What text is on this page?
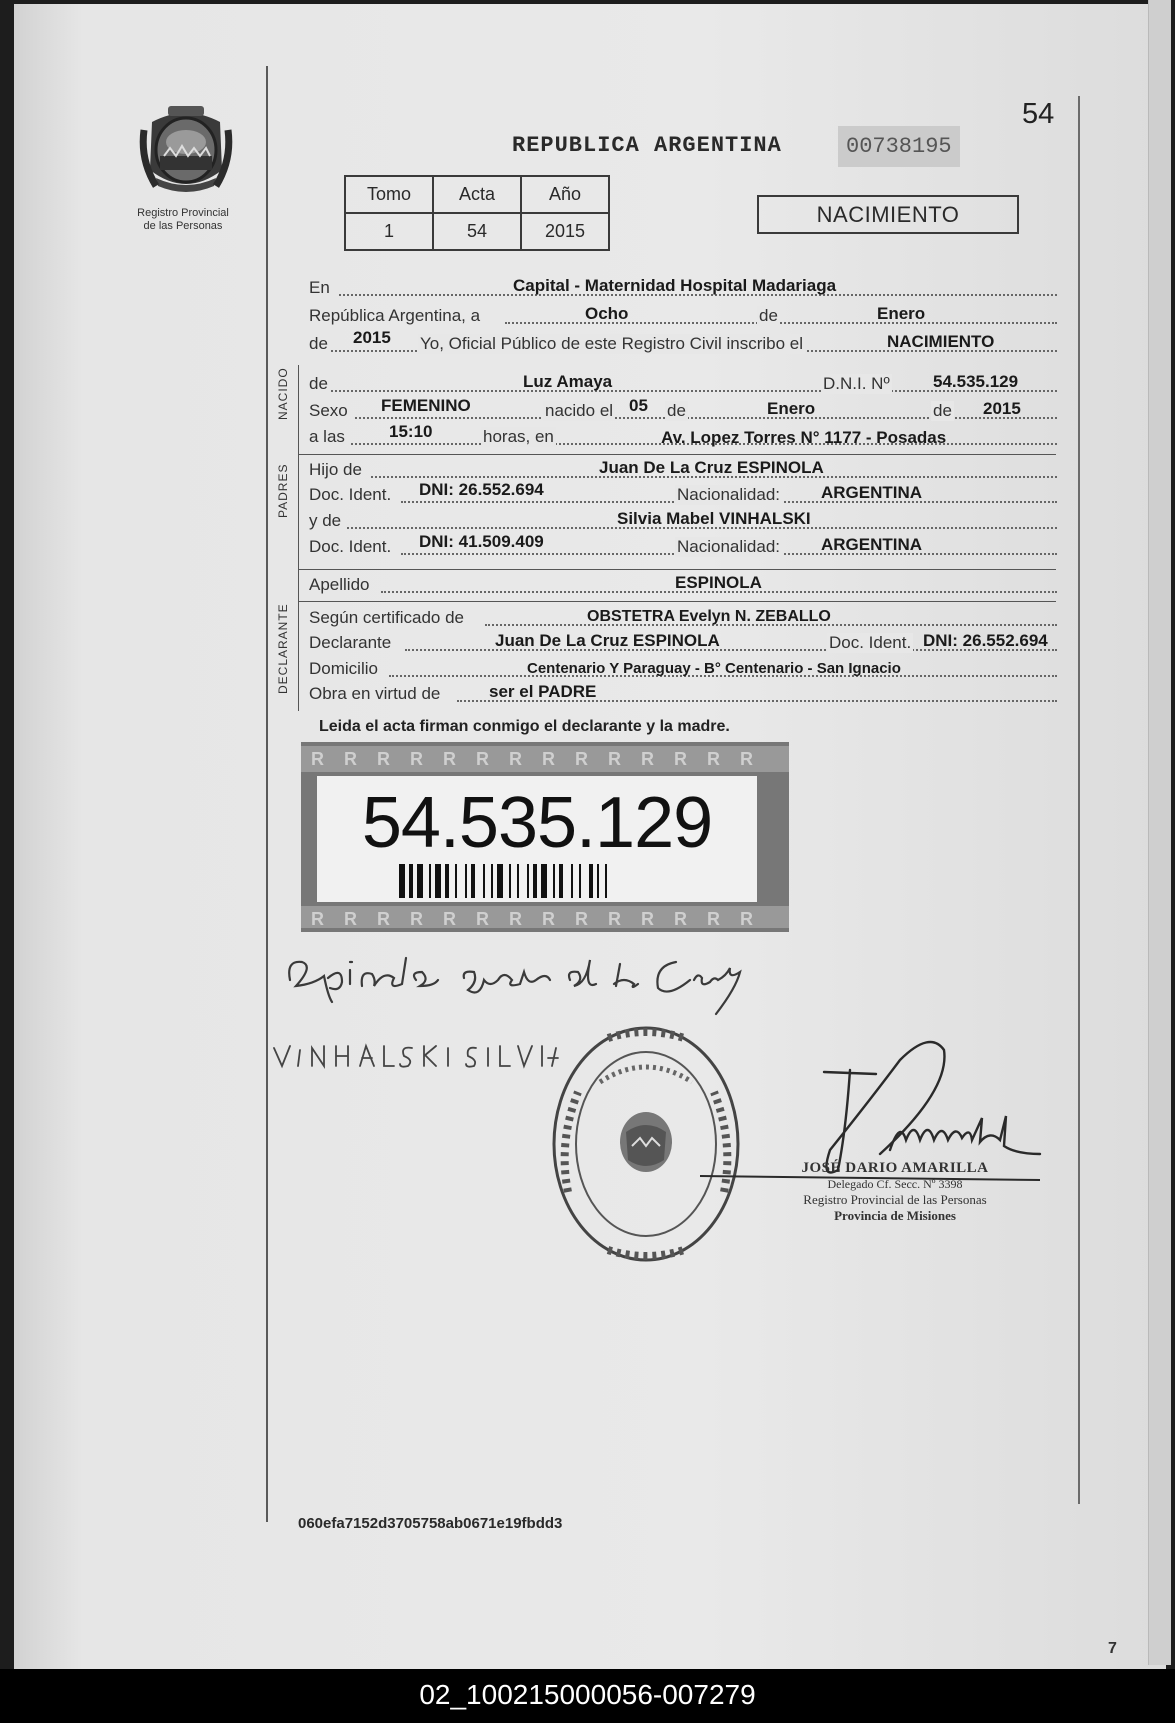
7
Registro Provincial
de las Personas
54
REPUBLICA ARGENTINA	00738195
Tomo	Acta	Año
1	54	2015
NACIMIENTO
NACIDO
PADRES
DECLARANTE
En	Capital - Maternidad Hospital Madariaga
República Argentina, a	Ocho	de	Enero
de 2015 Yo, Oficial Público de este Registro Civil inscribo el	NACIMIENTO
de	Luz Amaya	D.N.I. Nº	54.535.129
Sexo FEMENINO	nacido el 05 de	Enero	de 2015
a las	15:10	horas, en	Av. Lopez Torres N° 1177 - Posadas
Hijo de	Juan De La Cruz ESPINOLA
Doc. Ident. DNI: 26.552.694	Nacionalidad: ARGENTINA
y de	Silvia Mabel VINHALSKI
Doc. Ident. DNI: 41.509.409	Nacionalidad: ARGENTINA
Apellido	ESPINOLA
Según certificado de	OBSTETRA Evelyn N. ZEBALLO
Declarante	Juan De La Cruz ESPINOLA	Doc. Ident. DNI: 26.552.694
Domicilio	Centenario Y Paraguay - B° Centenario - San Ignacio
Obra en virtud de	ser el PADRE
Leida el acta firman conmigo el declarante y la madre.
R	R	R	R	R	R	R	R	R	R	R	R	R	R
R	R	R	R	R	R	R	R	R	R	R	R	R	R
54.535.129
JOSÉ DARIO AMARILLA
Delegado Cf. Secc. Nº 3398
Registro Provincial de las Personas
Provincia de Misiones
060efa7152d3705758ab0671e19fbdd3
02_100215000056-007279
